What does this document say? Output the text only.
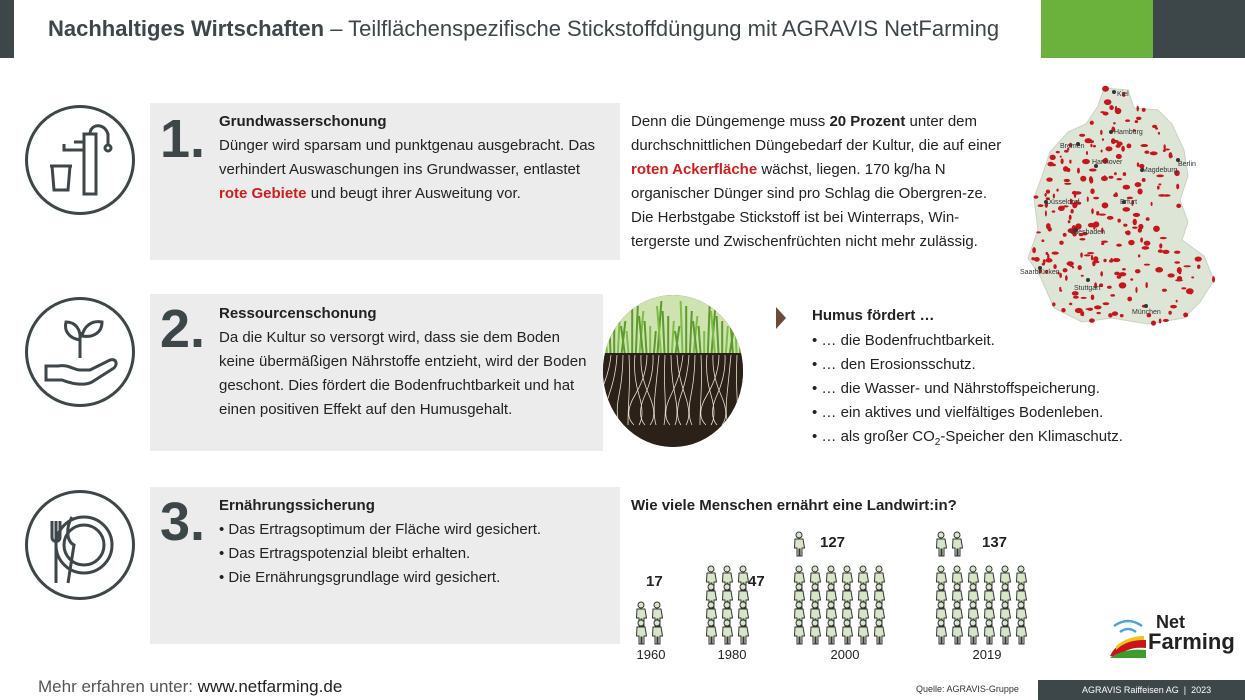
Nachhaltiges Wirtschaften – Teilflächenspezifische Stickstoffdüngung mit AGRAVIS NetFarming
1.
2.
3.
Grundwasserschonung
Dünger wird sparsam und punktgenau ausgebracht. Das verhindert Auswaschungen ins Grundwasser, entlastet rote Gebiete und beugt ihrer Ausweitung vor.
Denn die Düngemenge muss 20 Prozent unter dem durchschnittlichen Düngebedarf der Kultur, die auf einer roten Ackerfläche wächst, liegen. 170 kg/ha N organischer Dünger sind pro Schlag die Obergren-ze. Die Herbstgabe Stickstoff ist bei Winterraps, Win-tergerste und Zwischenfrüchten nicht mehr zulässig.
Kiel
Hamburg
Bremen
Hannover	Berlin
Magdeburg
Düsseldorf	Erfurt
Wiesbaden
Saarbrücken
Stuttgart
München
Ressourcenschonung
Da die Kultur so versorgt wird, dass sie dem Boden keine übermäßigen Nährstoffe entzieht, wird der Boden geschont. Dies fördert die Bodenfruchtbarkeit und hat einen positiven Effekt auf den Humusgehalt.
Humus fördert …
• … die Bodenfruchtbarkeit.
• … den Erosionsschutz.
• … die Wasser- und Nährstoffspeicherung.
• … ein aktives und vielfältiges Bodenleben.
• … als großer $CO_2$-Speicher den Klimaschutz.
Ernährungssicherung
• Das Ertragsoptimum der Fläche wird gesichert.
• Das Ertragspotenzial bleibt erhalten.
• Die Ernährungsgrundlage wird gesichert.
Wie viele Menschen ernährt eine Landwirt:in?
17	47
127	137
1960	1980	2000	2019
Net
Farming
Mehr erfahren unter: www.netfarming.de	Quelle: AGRAVIS-Gruppe	AGRAVIS Raiffeisen AG  |  2023
